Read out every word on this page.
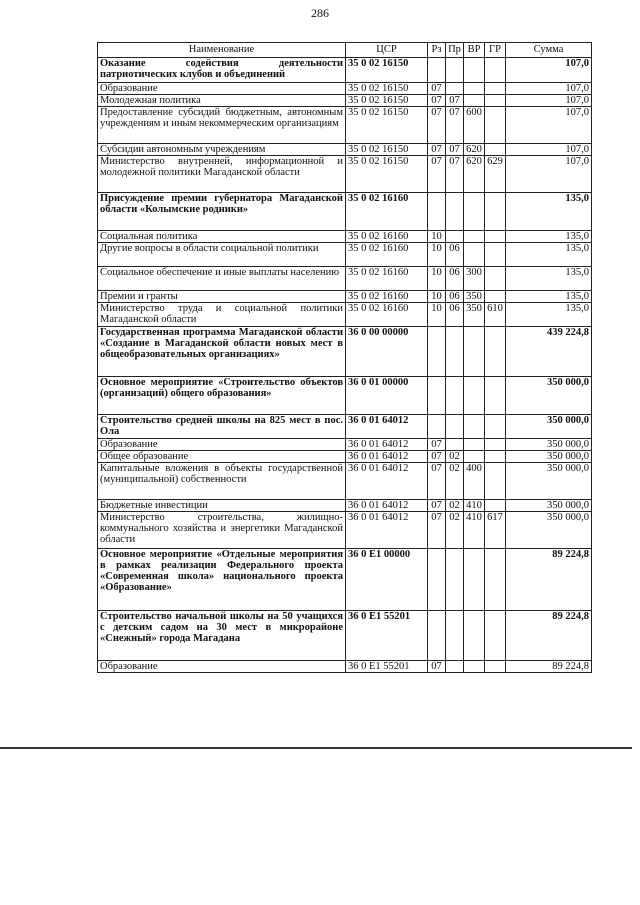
286
Наименование	ЦСР	Рз	Пр	ВР	ГР	Сумма
Оказание содействия деятельности патриотических клубов и объединений	35 0 02 16150					107,0
Образование	35 0 02 16150	07				107,0
Молодежная политика	35 0 02 16150	07	07			107,0
Предоставление субсидий бюджетным, автономным учреждениям и иным некоммерческим организациям	35 0 02 16150	07	07	600		107,0
Субсидии автономным учреждениям	35 0 02 16150	07	07	620		107,0
Министерство внутренней, информационной и молодежной политики Магаданской области	35 0 02 16150	07	07	620	629	107,0
Присуждение премии губернатора Магаданской области «Колымские родники»	35 0 02 16160					135,0
Социальная политика	35 0 02 16160	10				135,0
Другие вопросы в области социальной политики	35 0 02 16160	10	06			135,0
Социальное обеспечение и иные выплаты населению	35 0 02 16160	10	06	300		135,0
Премии и гранты	35 0 02 16160	10	06	350		135,0
Министерство труда и социальной политики Магаданской области	35 0 02 16160	10	06	350	610	135,0
Государственная программа Магаданской области «Создание в Магаданской области новых мест в общеобразовательных организациях»	36 0 00 00000					439 224,8
Основное мероприятие «Строительство объектов (организаций) общего образования»	36 0 01 00000					350 000,0
Строительство средней школы на 825 мест в пос. Ола	36 0 01 64012					350 000,0
Образование	36 0 01 64012	07				350 000,0
Общее образование	36 0 01 64012	07	02			350 000,0
Капитальные вложения в объекты государственной (муниципальной) собственности	36 0 01 64012	07	02	400		350 000,0
Бюджетные инвестиции	36 0 01 64012	07	02	410		350 000,0
Министерство строительства, жилищно-коммунального хозяйства и энергетики Магаданской области	36 0 01 64012	07	02	410	617	350 000,0
Основное мероприятие «Отдельные мероприятия в рамках реализации Федерального проекта «Современная школа» национального проекта «Образование»	36 0 E1 00000					89 224,8
Строительство начальной школы на 50 учащихся с детским садом на 30 мест в микрорайоне «Снежный» города Магадана	36 0 E1 55201					89 224,8
Образование	36 0 E1 55201	07				89 224,8
